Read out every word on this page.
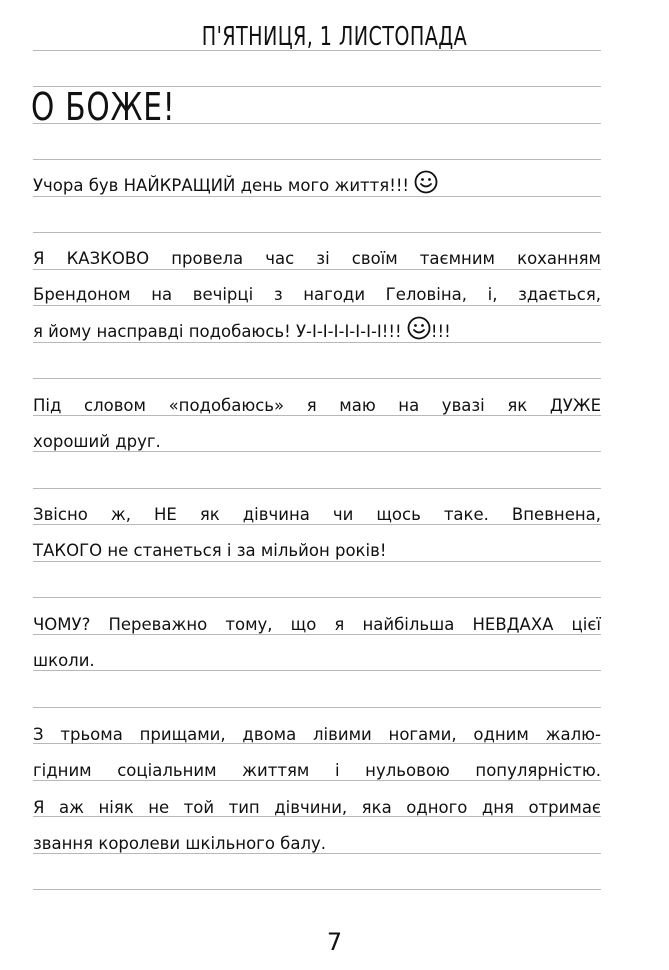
П'ЯТНИЦЯ, 1 ЛИСТОПАДА
О БОЖЕ!
Учора був НАЙКРАЩИЙ день мого життя!!!
Я КАЗКОВО провела час зі своїм таємним коханням
Брендоном на вечірці з нагоди Геловіна, і, здається,
я йому насправді подобаюсь! У-І-І-І-І-І-І-І!!! !!!
Під словом «подобаюсь» я маю на увазі як ДУЖЕ
хороший друг.
Звісно ж, НЕ як дівчина чи щось таке. Впевнена,
ТАКОГО не станеться і за мільйон років!
ЧОМУ? Переважно тому, що я найбільша НЕВДАХА цієї
школи.
З трьома прищами, двома лівими ногами, одним жалю-
гідним соціальним життям і нульовою популярністю.
Я аж ніяк не той тип дівчини, яка одного дня отримає
звання королеви шкільного балу.
7
